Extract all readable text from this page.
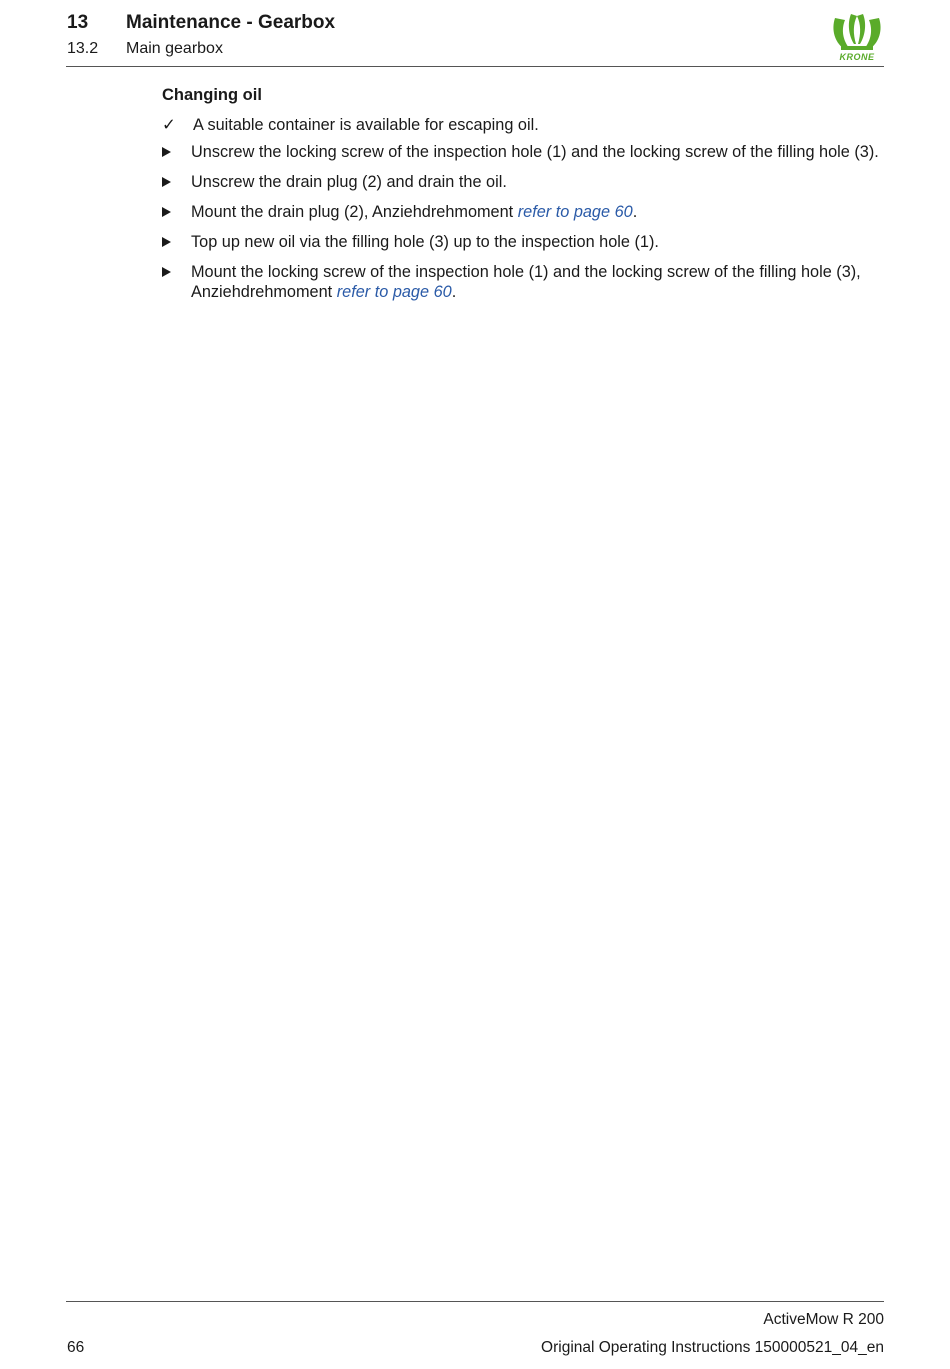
13 Maintenance - Gearbox
13.2 Main gearbox	KRONE
Changing oil
✓	A suitable container is available for escaping oil.
Unscrew the locking screw of the inspection hole (1) and the locking screw of the filling hole (3).
Unscrew the drain plug (2) and drain the oil.
Mount the drain plug (2), Anziehdrehmoment refer to page 60.
Top up new oil via the filling hole (3) up to the inspection hole (1).
Mount the locking screw of the inspection hole (1) and the locking screw of the filling hole (3), Anziehdrehmoment refer to page 60.
ActiveMow R 200
66	Original Operating Instructions 150000521_04_en
